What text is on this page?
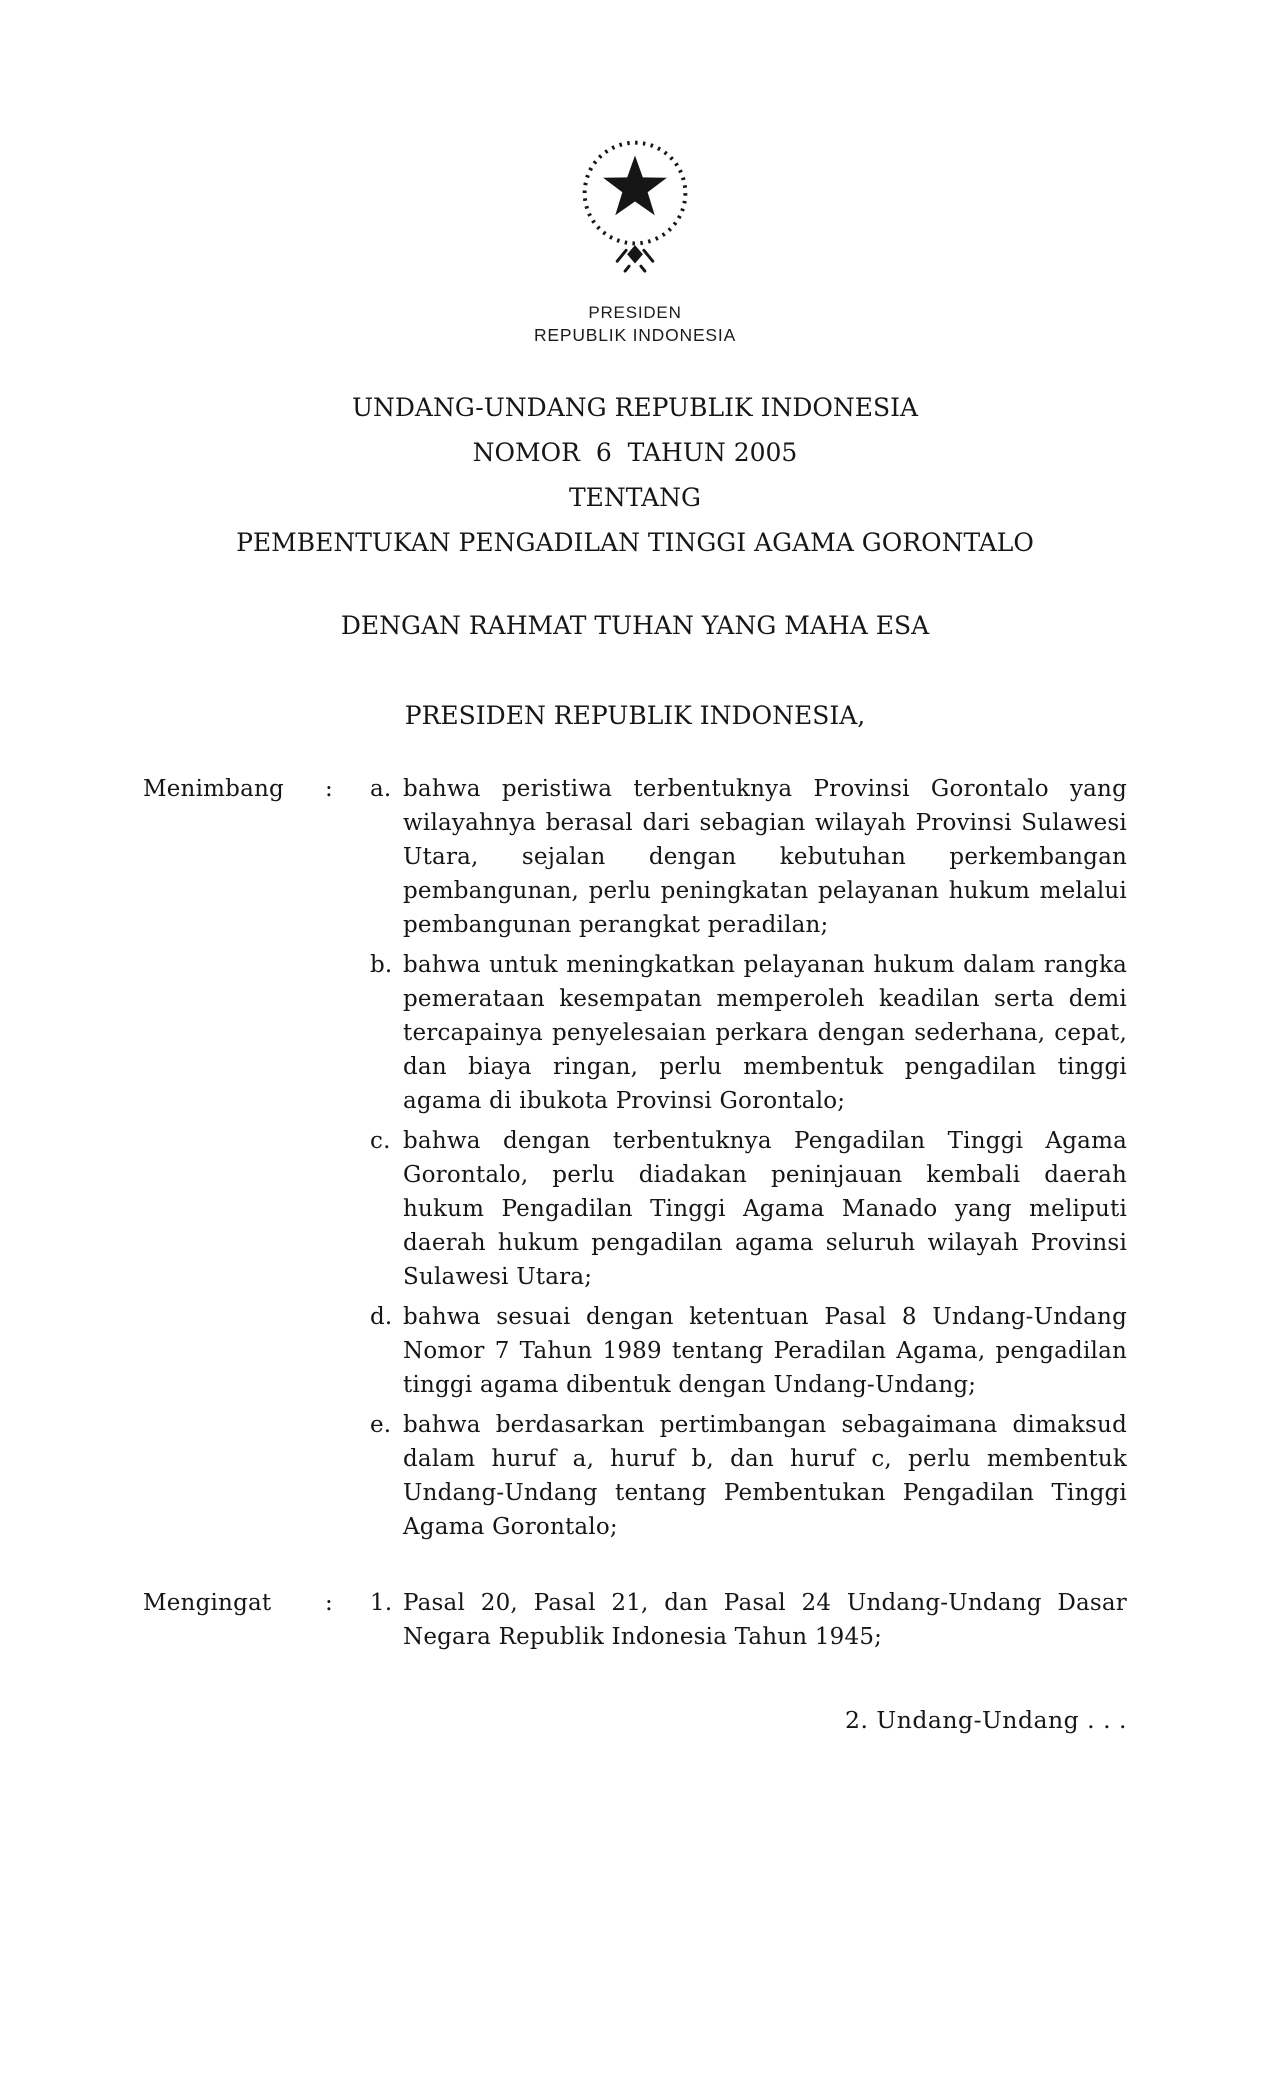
PRESIDEN
REPUBLIK INDONESIA
UNDANG-UNDANG REPUBLIK INDONESIA
NOMOR  6  TAHUN 2005
TENTANG
PEMBENTUKAN PENGADILAN TINGGI AGAMA GORONTALO
DENGAN RAHMAT TUHAN YANG MAHA ESA
PRESIDEN REPUBLIK INDONESIA,
Menimbang	:	a. bahwa peristiwa terbentuknya Provinsi Gorontalo yang wilayahnya berasal dari sebagian wilayah Provinsi Sulawesi Utara, sejalan dengan kebutuhan perkembangan pembangunan, perlu peningkatan pelayanan hukum melalui pembangunan perangkat peradilan;
b. bahwa untuk meningkatkan pelayanan hukum dalam rangka pemerataan kesempatan memperoleh keadilan serta demi tercapainya penyelesaian perkara dengan sederhana, cepat, dan biaya ringan, perlu membentuk pengadilan tinggi agama di ibukota Provinsi Gorontalo;
c. bahwa dengan terbentuknya Pengadilan Tinggi Agama Gorontalo, perlu diadakan peninjauan kembali daerah hukum Pengadilan Tinggi Agama Manado yang meliputi daerah hukum pengadilan agama seluruh wilayah Provinsi Sulawesi Utara;
d. bahwa sesuai dengan ketentuan Pasal 8 Undang-Undang Nomor 7 Tahun 1989 tentang Peradilan Agama, pengadilan tinggi agama dibentuk dengan Undang-Undang;
e. bahwa berdasarkan pertimbangan sebagaimana dimaksud dalam huruf a, huruf b, dan huruf c, perlu membentuk Undang-Undang tentang Pembentukan Pengadilan Tinggi Agama Gorontalo;
Mengingat	:	1. Pasal 20, Pasal 21, dan Pasal 24 Undang-Undang Dasar Negara Republik Indonesia Tahun 1945;
2. Undang-Undang . . .
